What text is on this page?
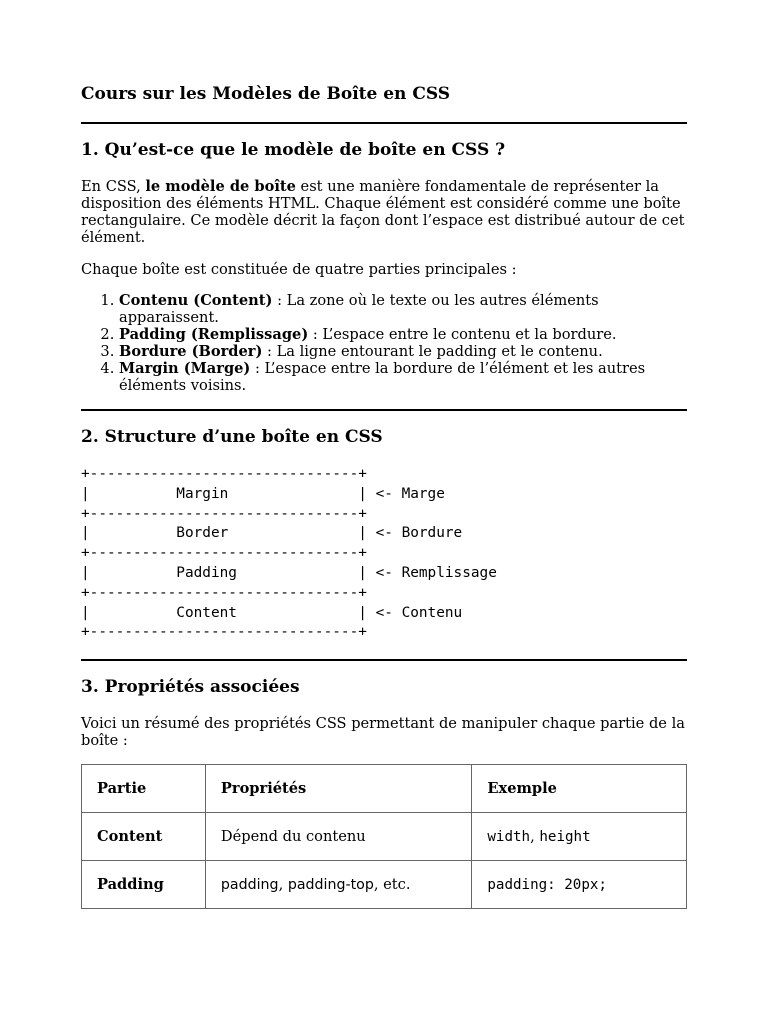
Cours sur les Modèles de Boîte en CSS
1. Qu’est-ce que le modèle de boîte en CSS ?
En CSS, le modèle de boîte est une manière fondamentale de représenter la disposition des éléments HTML. Chaque élément est considéré comme une boîte rectangulaire. Ce modèle décrit la façon dont l’espace est distribué autour de cet élément.
Chaque boîte est constituée de quatre parties principales :
1. Contenu (Content) : La zone où le texte ou les autres éléments apparaissent.
2. Padding (Remplissage) : L’espace entre le contenu et la bordure.
3. Bordure (Border) : La ligne entourant le padding et le contenu.
4. Margin (Marge) : L’espace entre la bordure de l’élément et les autres éléments voisins.
2. Structure d’une boîte en CSS
+-------------------------------+
|          Margin               | <- Marge
+-------------------------------+
|          Border               | <- Bordure
+-------------------------------+
|          Padding              | <- Remplissage
+-------------------------------+
|          Content              | <- Contenu
+-------------------------------+
3. Propriétés associées
Voici un résumé des propriétés CSS permettant de manipuler chaque partie de la boîte :
Partie	Propriétés	Exemple
Content	Dépend du contenu	width, height
Padding	padding, padding-top, etc.	padding: 20px;
